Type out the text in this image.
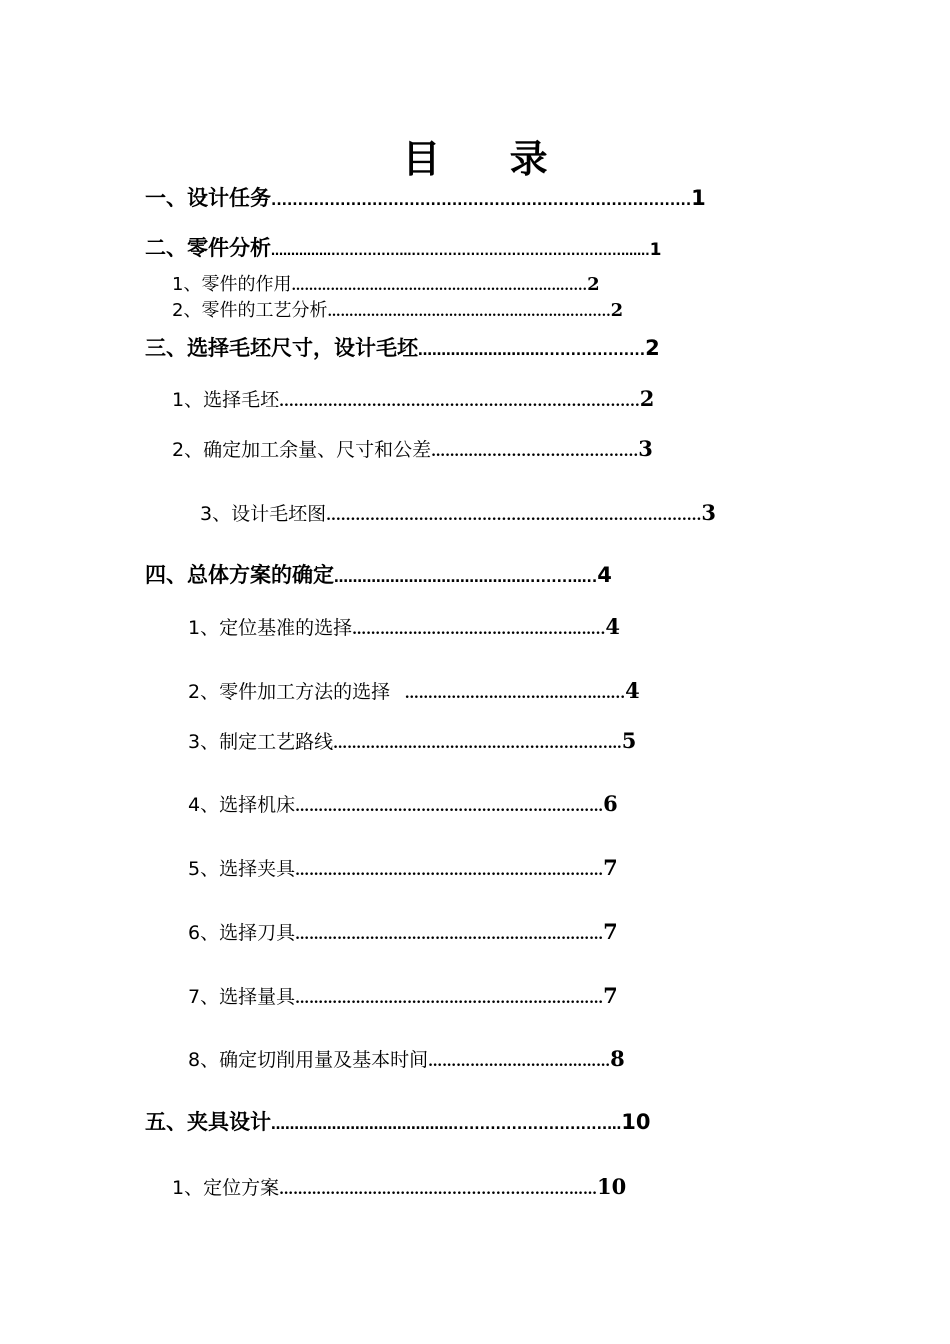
目 录
一、设计任务...............................................................................1
二、零件分析……………...............…..............................................…….1
1、零件的作用……………………………………………………….....2
2、零件的工艺分析…………………………………………………........2
三、选择毛坯尺寸，设计毛坯………………………...................2
1、选择毛坯..........................................................................2
2、确定加工余量、尺寸和公差…………...............................3
3、设计毛坯图.............................................................................3
四、总体方案的确定……………………………………........…..4
1、定位基准的选择……………………………………....……..4
2、零件加工方法的选择   ………………………………...……..4
3、制定工艺路线…………………………………...................…5
4、选择机床…………………………………………………………6
5、选择夹具…………………………………………………………7
6、选择刀具…………………………………………………………7
7、选择量具…………………………………………………………7
8、确定切削用量及基本时间…………………………………8
五、夹具设计………………………………….............................…10
1、定位方案……………………………….........................……10
